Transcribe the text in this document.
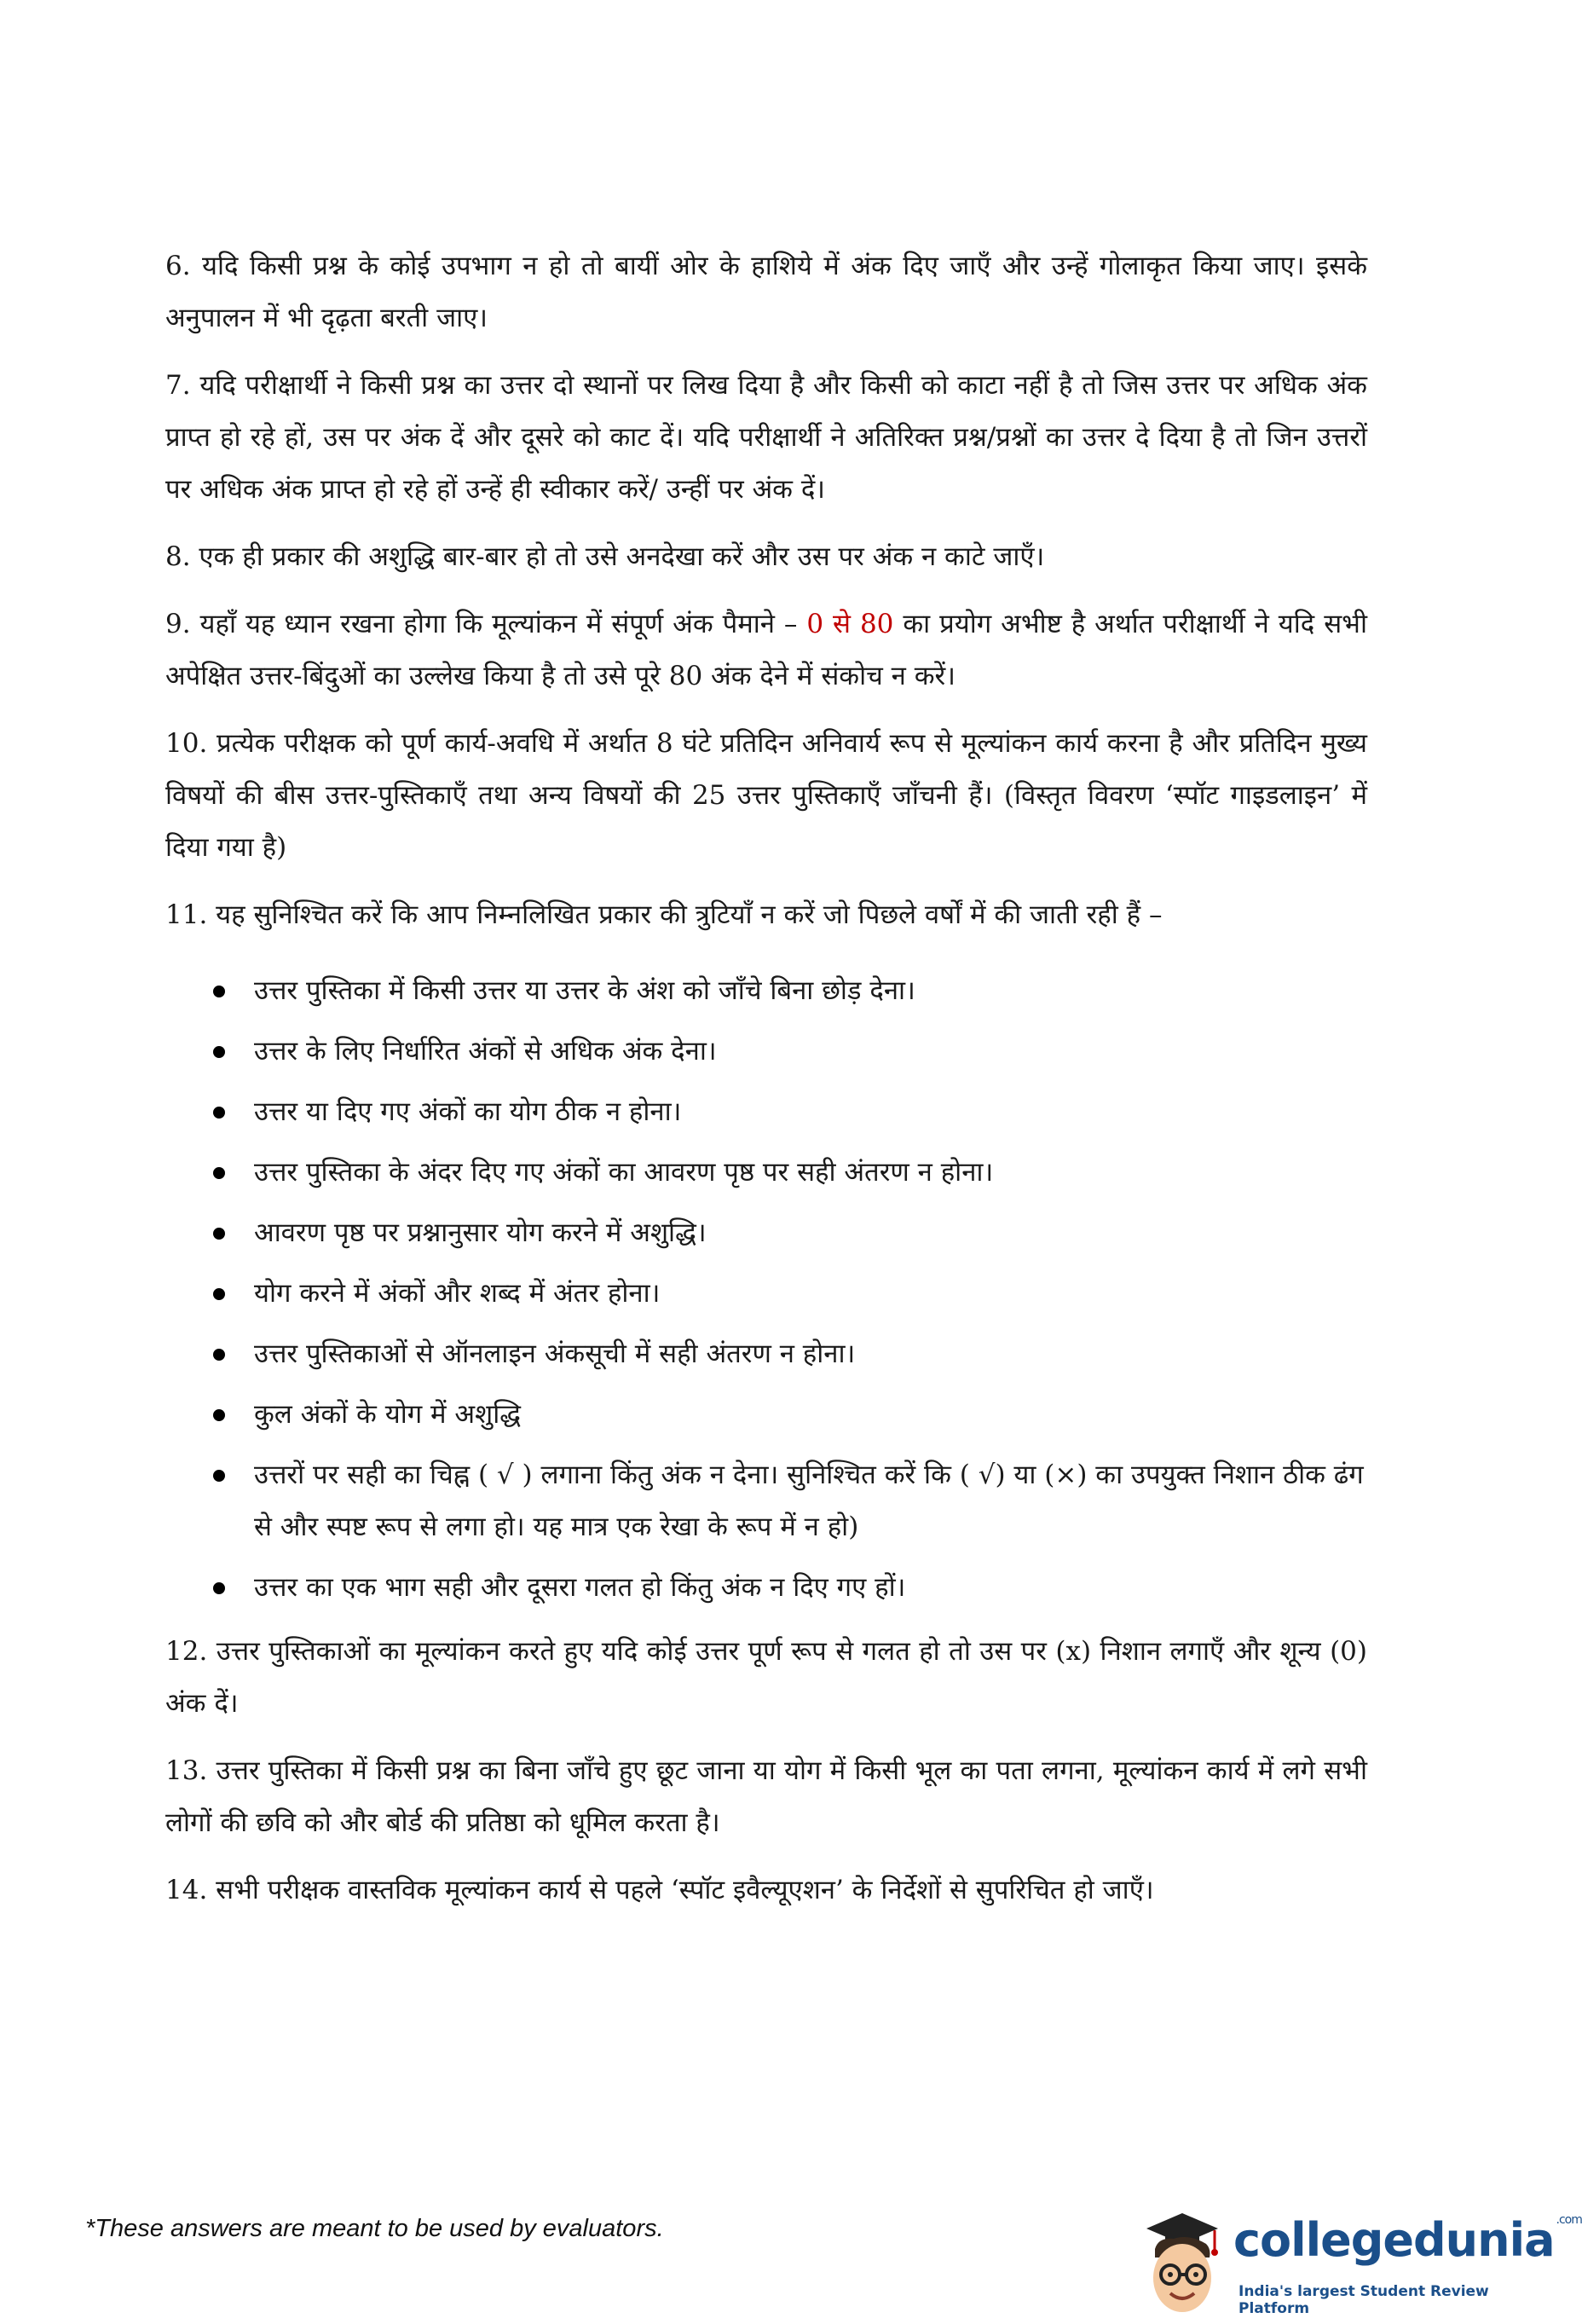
6. यदि किसी प्रश्न के कोई उपभाग न हो तो बायीं ओर के हाशिये में अंक दिए जाएँ और उन्हें गोलाकृत किया जाए। इसके अनुपालन में भी दृढ़ता बरती जाए।

7. यदि परीक्षार्थी ने किसी प्रश्न का उत्तर दो स्थानों पर लिख दिया है और किसी को काटा नहीं है तो जिस उत्तर पर अधिक अंक प्राप्त हो रहे हों, उस पर अंक दें और दूसरे को काट दें। यदि परीक्षार्थी ने अतिरिक्त प्रश्न/प्रश्नों का उत्तर दे दिया है तो जिन उत्तरों पर अधिक अंक प्राप्त हो रहे हों उन्हें ही स्वीकार करें/ उन्हीं पर अंक दें।

8. एक ही प्रकार की अशुद्धि बार-बार हो तो उसे अनदेखा करें और उस पर अंक न काटे जाएँ।

9. यहाँ यह ध्यान रखना होगा कि मूल्यांकन में संपूर्ण अंक पैमाने – 0 से 80 का प्रयोग अभीष्ट है अर्थात परीक्षार्थी ने यदि सभी अपेक्षित उत्तर-बिंदुओं का उल्लेख किया है तो उसे पूरे 80 अंक देने में संकोच न करें।

10. प्रत्येक परीक्षक को पूर्ण कार्य-अवधि में अर्थात 8 घंटे प्रतिदिन अनिवार्य रूप से मूल्यांकन कार्य करना है और प्रतिदिन मुख्य विषयों की बीस उत्तर-पुस्तिकाएँ तथा अन्य विषयों की 25 उत्तर पुस्तिकाएँ जाँचनी हैं। (विस्तृत विवरण ‘स्पॉट गाइडलाइन’ में दिया गया है)

11. यह सुनिश्चित करें कि आप निम्नलिखित प्रकार की त्रुटियाँ न करें जो पिछले वर्षों में की जाती रही हैं –

उत्तर पुस्तिका में किसी उत्तर या उत्तर के अंश को जाँचे बिना छोड़ देना।
उत्तर के लिए निर्धारित अंकों से अधिक अंक देना।
उत्तर या दिए गए अंकों का योग ठीक न होना।
उत्तर पुस्तिका के अंदर दिए गए अंकों का आवरण पृष्ठ पर सही अंतरण न होना।
आवरण पृष्ठ पर प्रश्नानुसार योग करने में अशुद्धि।
योग करने में अंकों और शब्द में अंतर होना।
उत्तर पुस्तिकाओं से ऑनलाइन अंकसूची में सही अंतरण न होना।
कुल अंकों के योग में अशुद्धि
उत्तरों पर सही का चिह्न ( √ ) लगाना किंतु अंक न देना। सुनिश्चित करें कि ( √) या (×) का उपयुक्त निशान ठीक ढंग से और स्पष्ट रूप से लगा हो। यह मात्र एक रेखा के रूप में न हो)
उत्तर का एक भाग सही और दूसरा गलत हो किंतु अंक न दिए गए हों।

12. उत्तर पुस्तिकाओं का मूल्यांकन करते हुए यदि कोई उत्तर पूर्ण रूप से गलत हो तो उस पर (x) निशान लगाएँ और शून्य (0) अंक दें।

13. उत्तर पुस्तिका में किसी प्रश्न का बिना जाँचे हुए छूट जाना या योग में किसी भूल का पता लगना, मूल्यांकन कार्य में लगे सभी लोगों की छवि को और बोर्ड की प्रतिष्ठा को धूमिल करता है।

14. सभी परीक्षक वास्तविक मूल्यांकन कार्य से पहले ‘स्पॉट इवैल्यूएशन’ के निर्देशों से सुपरिचित हो जाएँ।

*These answers are meant to be used by evaluators.	collegedunia $^{.com}$
India's largest Student Review Platform
